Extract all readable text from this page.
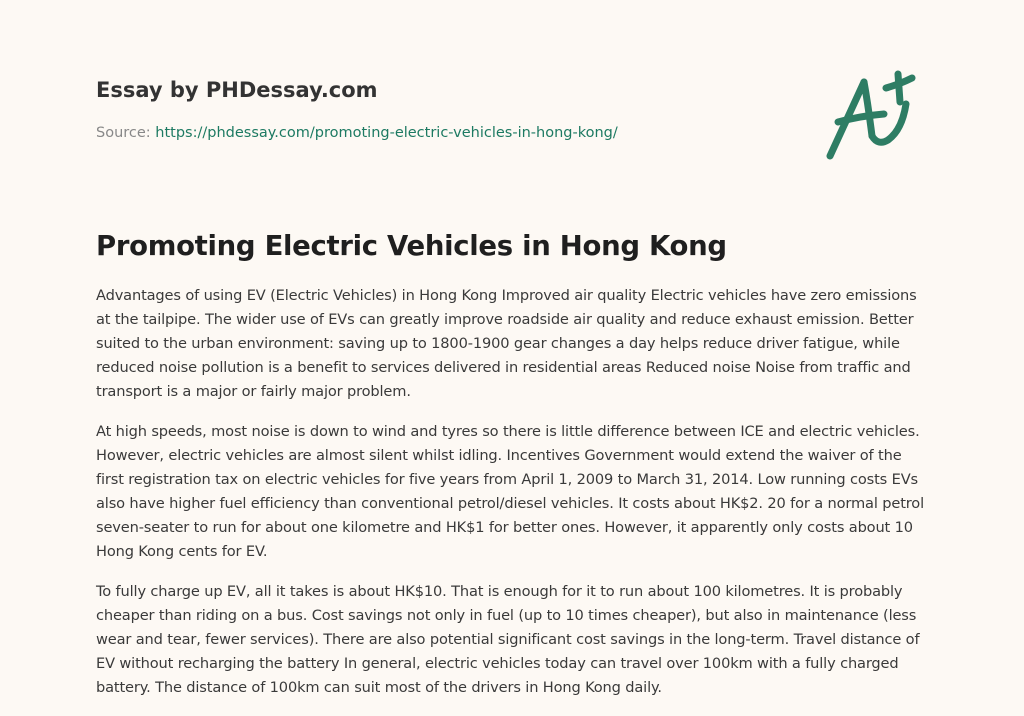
Essay by PHDessay.com
Source: https://phdessay.com/promoting-electric-vehicles-in-hong-kong/
Promoting Electric Vehicles in Hong Kong

Advantages of using EV (Electric Vehicles) in Hong Kong Improved air quality Electric vehicles have zero emissions at the tailpipe. The wider use of EVs can greatly improve roadside air quality and reduce exhaust emission. Better suited to the urban environment: saving up to 1800-1900 gear changes a day helps reduce driver fatigue, while reduced noise pollution is a benefit to services delivered in residential areas Reduced noise Noise from traffic and transport is a major or fairly major problem.

At high speeds, most noise is down to wind and tyres so there is little difference between ICE and electric vehicles. However, electric vehicles are almost silent whilst idling. Incentives Government would extend the waiver of the first registration tax on electric vehicles for five years from April 1, 2009 to March 31, 2014. Low running costs EVs also have higher fuel efficiency than conventional petrol/diesel vehicles. It costs about HK$2. 20 for a normal petrol seven-seater to run for about one kilometre and HK$1 for better ones. However, it apparently only costs about 10 Hong Kong cents for EV.

To fully charge up EV, all it takes is about HK$10. That is enough for it to run about 100 kilometres. It is probably cheaper than riding on a bus. Cost savings not only in fuel (up to 10 times cheaper), but also in maintenance (less wear and tear, fewer services). There are also potential significant cost savings in the long-term. Travel distance of EV without recharging the battery In general, electric vehicles today can travel over 100km with a fully charged battery. The distance of 100km can suit most of the drivers in Hong Kong daily.
